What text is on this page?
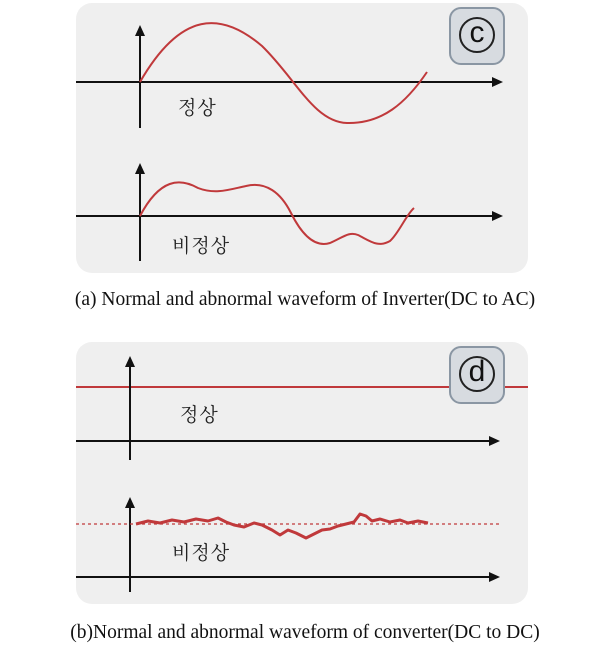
c
정상
비정상
(a) Normal and abnormal waveform of Inverter(DC to AC)
d
정상
비정상
(b)Normal and abnormal waveform of converter(DC to DC)
